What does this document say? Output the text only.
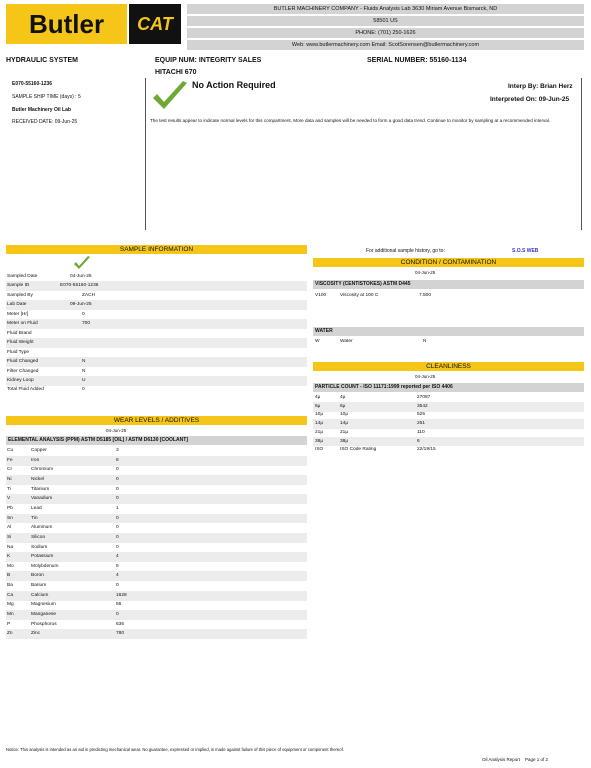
Butler CAT
BUTLER MACHINERY COMPANY - Fluids Analysis Lab 3630 Miriam Avenue Bismarck, ND
58501 US
PHONE: (701) 250-1626
Web: www.butlermachinery.com Email: ScotSorensen@butlermachinery.com
HYDRAULIC SYSTEM	EQUIP NUM: INTEGRITY SALES
HITACHI 670
SERIAL NUMBER: 55160-1134
E070-55160-1236
SAMPLE SHIP TIME (days) : 5
Butler Machinery Oil Lab
RECEIVED DATE: 09-Jun-25
No Action Required	Interp By: Brian Herz
Interpreted On: 09-Jun-25
The test results appear to indicate normal levels for this compartment. More data and samples will be needed to form a good data trend. Continue to monitor by sampling at a recommended interval.
SAMPLE INFORMATION
Sampled Date	04-Jun-25
Sample ID	E070-55160-1236
Sampled By	ZACH
Lab Date	09-Jun-25
Meter [Hr]	0
Meter on Fluid	700
Fluid Brand
Fluid Weight
Fluid Type
Fluid Changed	N
Filter Changed	N
Kidney Loop	U
Total Fluid Added	0
For additional sample history, go to:	S.O.S WEB
CONDITION / CONTAMINATION
04-Jun-25
VISCOSITY (CENTISTOKES) ASTM D445
V100	Viscosity at 100 C	7.500
WATER
W	Water	N
CLEANLINESS
04-Jun-25
PARTICLE COUNT - ISO 11171:1999 reported per ISO 4406
4μ	4μ	27087
6μ	6μ	3542
10μ	10μ	525
14μ	14μ	251
21μ	21μ	110
38μ	38μ	6
ISO	ISO Code Rating	22/19/15
WEAR LEVELS / ADDITIVES
04-Jun-25
ELEMENTAL ANALYSIS (PPM) ASTM D5185 [OIL] / ASTM D6130 [COOLANT]
Cu	Copper	3
Fe	Iron	8
Cr	Chromium	0
Ni	Nickel	0
Ti	Titanium	0
V	Vanadium	0
Pb	Lead	1
Sn	Tin	0
Al	Aluminum	0
Si	Silicon	0
Na	Sodium	0
K	Potassium	4
Mo	Molybdenum	5
B	Boron	4
Ba	Barium	0
Ca	Calcium	1628
Mg	Magnesium	56
Mn	Manganese	0
P	Phosphorus	636
Zn	Zinc	780
Notice: This analysis is intended as an aid in predicting mechanical wear. No guarantee, expressed or implied, is made against failure of this piece of equipment or component thereof.
Oil Analysis Report    Page 1 of 2
